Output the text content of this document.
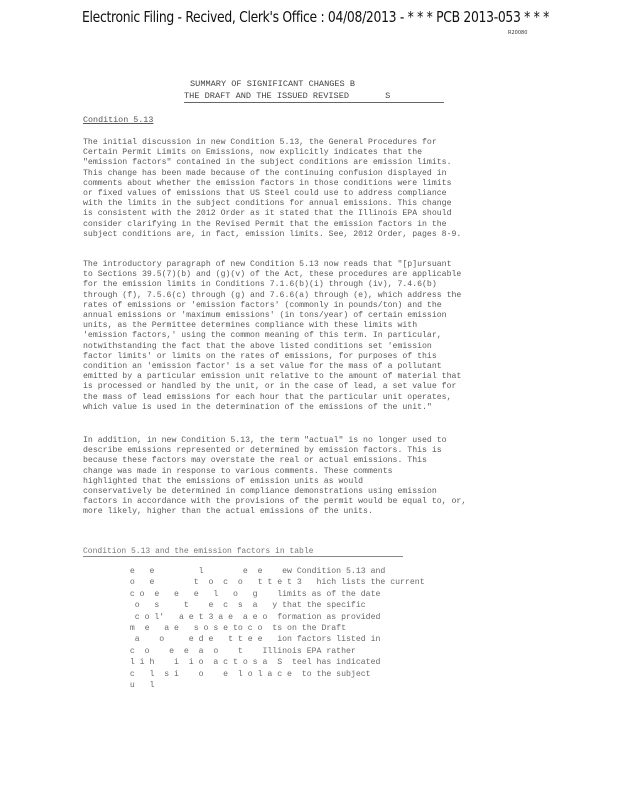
Electronic Filing - Recived, Clerk's Office : 04/08/2013 - * * * PCB 2013-053 * * *
R20080
SUMMARY OF SIGNIFICANT CHANGES B
THE DRAFT AND THE ISSUED REVISED       S
Condition 5.13
The initial discussion in new Condition 5.13, the General Procedures for
Certain Permit Limits on Emissions, now explicitly indicates that the
"emission factors" contained in the subject conditions are emission limits.
This change has been made because of the continuing confusion displayed in
comments about whether the emission factors in those conditions were limits
or fixed values of emissions that US Steel could use to address compliance
with the limits in the subject conditions for annual emissions. This change
is consistent with the 2012 Order as it stated that the Illinois EPA should
consider clarifying in the Revised Permit that the emission factors in the
subject conditions are, in fact, emission limits. See, 2012 Order, pages 8-9.
The introductory paragraph of new Condition 5.13 now reads that "[p]ursuant
to Sections 39.5(7)(b) and (g)(v) of the Act, these procedures are applicable
for the emission limits in Conditions 7.1.6(b)(i) through (iv), 7.4.6(b)
through (f), 7.5.6(c) through (g) and 7.6.6(a) through (e), which address the
rates of emissions or 'emission factors' (commonly in pounds/ton) and the
annual emissions or 'maximum emissions' (in tons/year) of certain emission
units, as the Permittee determines compliance with these limits with
'emission factors,' using the common meaning of this term. In particular,
notwithstanding the fact that the above listed conditions set 'emission
factor limits' or limits on the rates of emissions, for purposes of this
condition an 'emission factor' is a set value for the mass of a pollutant
emitted by a particular emission unit relative to the amount of material that
is processed or handled by the unit, or in the case of lead, a set value for
the mass of lead emissions for each hour that the particular unit operates,
which value is used in the determination of the emissions of the unit."
In addition, in new Condition 5.13, the term "actual" is no longer used to
describe emissions represented or determined by emission factors. This is
because these factors may overstate the real or actual emissions. This
change was made in response to various comments. These comments
highlighted that the emissions of emission units as would
conservatively be determined in compliance demonstrations using emission
factors in accordance with the provisions of the permit would be equal to, or,
more likely, higher than the actual emissions of the units.
Condition 5.13 and the emission factors in table
e   e         l        e  e    ew Condition 5.13 and
o   e        t  o  c  o   t t e t 3   hich lists the current
c o  e   e   e   l   o   g    limits as of the date
o   s     t    e  c  s  a   y that the specific
c o l'   a e t 3 a e  a e o  formation as provided
m  e   a e   s o s e to c o  ts on the Draft
a    o     e d e   t t e e   ion factors listed in
c  o    e  e  a  o    t    Illinois EPA rather
l i h    i  i o  a c t o s a  S  teel has indicated
c   l  s i    o    e  l o l a c e  to the subject
u   l
